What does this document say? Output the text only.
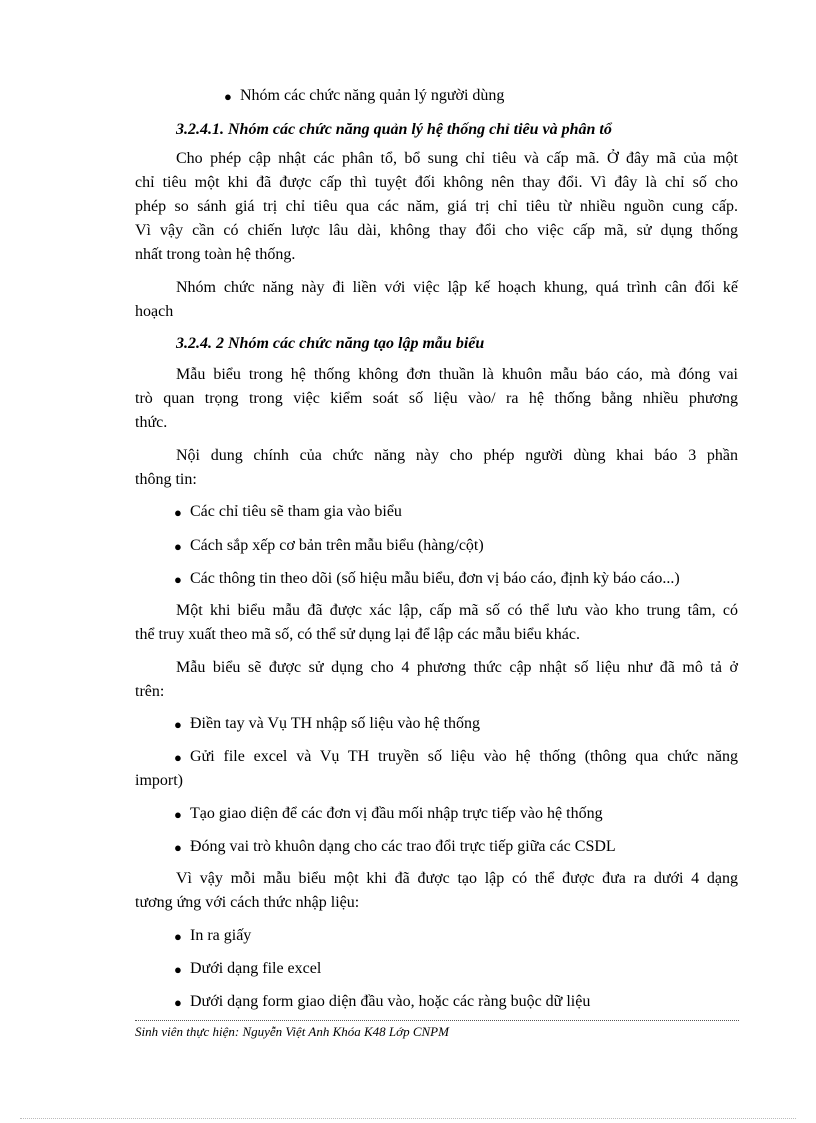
● Nhóm các chức năng quản lý người dùng
3.2.4.1. Nhóm các chức năng quản lý hệ thống chỉ tiêu và phân tổ
Cho phép cập nhật các phân tổ, bổ sung chỉ tiêu và cấp mã. Ở đây mã của một
chỉ tiêu một khi đã được cấp thì tuyệt đối không nên thay đổi. Vì đây là chỉ số cho
phép so sánh giá trị chỉ tiêu qua các năm, giá trị chỉ tiêu từ nhiều nguồn cung cấp.
Vì vậy cần có chiến lược lâu dài, không thay đổi cho việc cấp mã, sử dụng thống
nhất trong toàn hệ thống.
Nhóm chức năng này đi liền với việc lập kế hoạch khung, quá trình cân đối kế
hoạch
3.2.4. 2 Nhóm các chức năng tạo lập mẫu biểu
Mẫu biểu trong hệ thống không đơn thuần là khuôn mẫu báo cáo, mà đóng vai
trò quan trọng trong việc kiểm soát số liệu vào/ ra hệ thống bằng nhiều phương
thức.
Nội dung chính của chức năng này cho phép người dùng khai báo 3 phần
thông tin:
● Các chỉ tiêu sẽ tham gia vào biểu
● Cách sắp xếp cơ bản trên mẫu biểu (hàng/cột)
● Các thông tin theo dõi (số hiệu mẫu biểu, đơn vị báo cáo, định kỳ báo cáo...)
Một khi biểu mẫu đã được xác lập, cấp mã số có thể lưu vào kho trung tâm, có
thể truy xuất theo mã số, có thể sử dụng lại để lập các mẫu biểu khác.
Mẫu biểu sẽ được sử dụng cho 4 phương thức cập nhật số liệu như đã mô tả ở
trên:
● Điền tay và Vụ TH nhập số liệu vào hệ thống
● Gửi file excel và Vụ TH truyền số liệu vào hệ thống (thông qua chức năng
import)
● Tạo giao diện để các đơn vị đầu mối nhập trực tiếp vào hệ thống
● Đóng vai trò khuôn dạng cho các trao đổi trực tiếp giữa các CSDL
Vì vậy mỗi mẫu biểu một khi đã được tạo lập có thể được đưa ra dưới 4 dạng
tương ứng với cách thức nhập liệu:
● In ra giấy
● Dưới dạng file excel
● Dưới dạng form giao diện đầu vào, hoặc các ràng buộc dữ liệu
Sinh viên thực hiện: Nguyễn Việt Anh Khóa K48 Lớp CNPM
